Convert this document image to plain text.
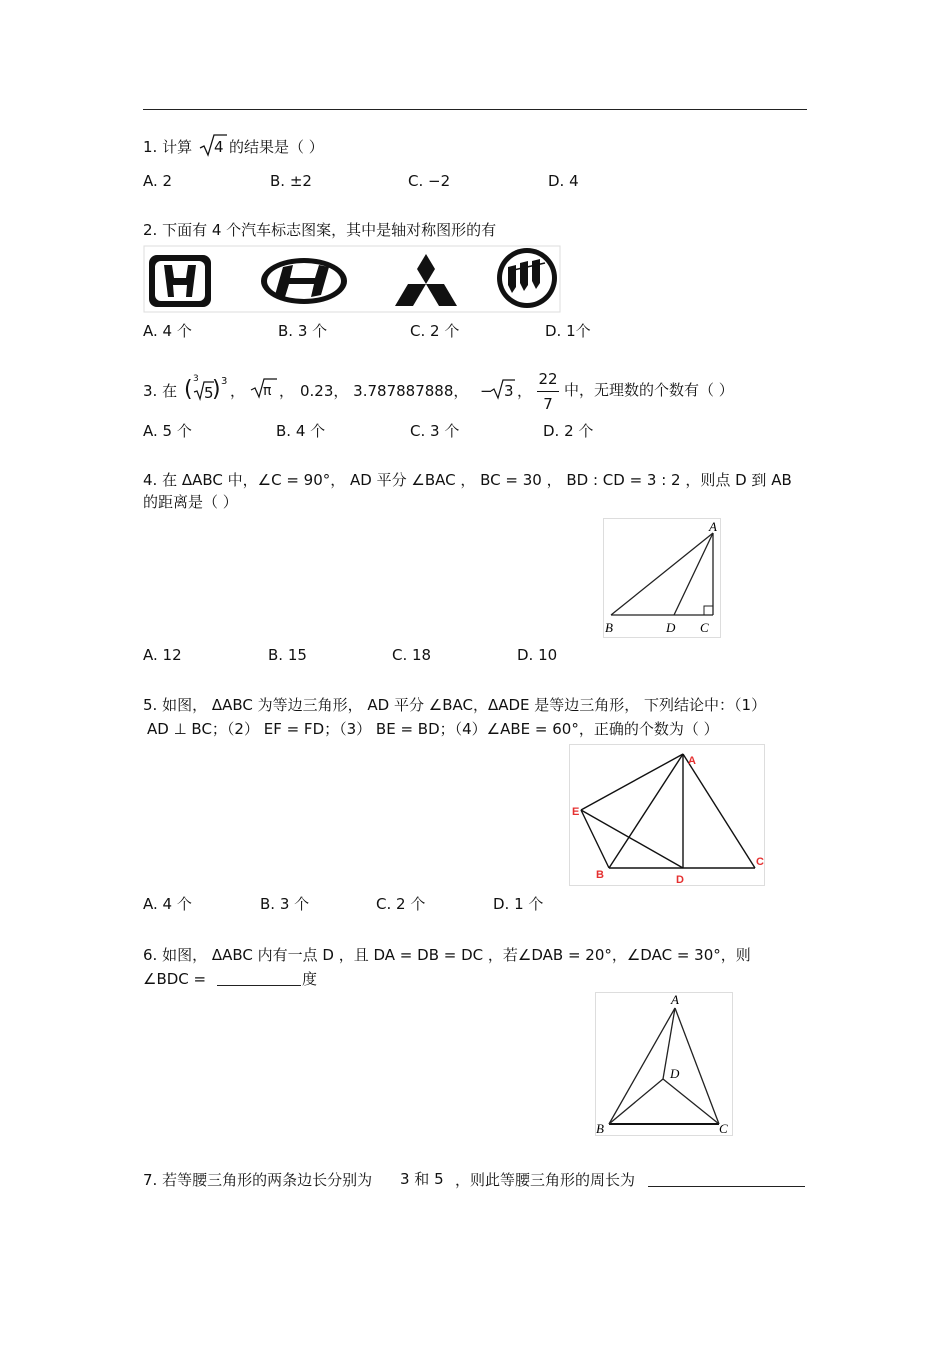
1. 计算 4 的结果是（ ）
A. 2	B. ±2	C. −2	D. 4
2. 下面有 4 个汽车标志图案，其中是轴对称图形的有
A. 4 个	B. 3 个	C. 2 个	D. 1个
3. 在 ( 3
5
) 3
， π ， 0.23， 3.787887888， − 3 ，
22
7
中，无理数的个数有（ ）
A. 5 个	B. 4 个	C. 3 个	D. 2 个
4. 在 ΔABC 中，∠C = 90°， AD 平分 ∠BAC ， BC = 30 ， BD : CD = 3 : 2 ，则点 D 到 AB
的距离是（ ）
A
B	D C
A. 12	B. 15	C. 18	D. 10
5. 如图， ΔABC 为等边三角形， AD 平分 ∠BAC，ΔADE 是等边三角形， 下列结论中：（1）
AD ⊥ BC；（2） EF = FD；（3） BE = BD；（4）∠ABE = 60°，正确的个数为（ ）
A
E
B	D
C
A. 4 个	B. 3 个	C. 2 个	D. 1 个
6. 如图， ΔABC 内有一点 D ，且 DA = DB = DC ，若∠DAB = 20°，∠DAC = 30°，则
∠BDC =	度
A
D
B	C
7. 若等腰三角形的两条边长分别为 3 和 5 ，则此等腰三角形的周长为
